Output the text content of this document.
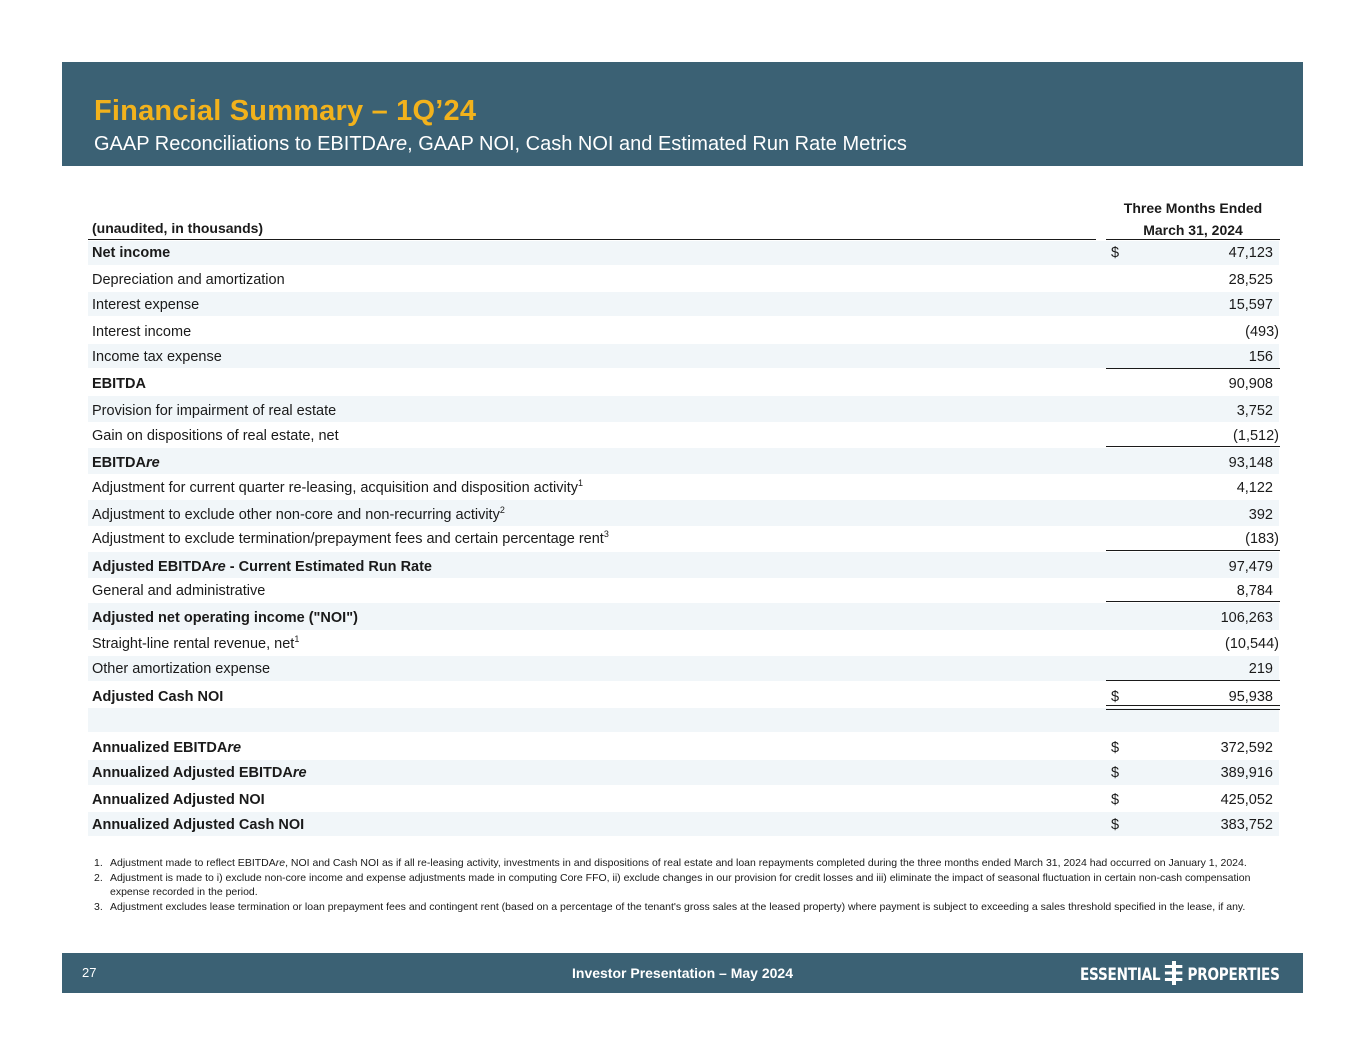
Financial Summary – 1Q’24
GAAP Reconciliations to EBITDAre, GAAP NOI, Cash NOI and Estimated Run Rate Metrics
Three Months Ended
March 31, 2024
(unaudited, in thousands)
Net income	$	47,123
Depreciation and amortization	28,525
Interest expense	15,597
Interest income	(493)
Income tax expense	156
EBITDA	90,908
Provision for impairment of real estate	3,752
Gain on dispositions of real estate, net	(1,512)
EBITDAre	93,148
Adjustment for current quarter re-leasing, acquisition and disposition activity$^1$	4,122
Adjustment to exclude other non-core and non-recurring activity$^2$	392
Adjustment to exclude termination/prepayment fees and certain percentage rent$^3$	(183)
Adjusted EBITDAre - Current Estimated Run Rate	97,479
General and administrative	8,784
Adjusted net operating income ("NOI")	106,263
Straight-line rental revenue, net$^1$	(10,544)
Other amortization expense	219
Adjusted Cash NOI	$	95,938
Annualized EBITDAre	$	372,592
Annualized Adjusted EBITDAre	$	389,916
Annualized Adjusted NOI	$	425,052
Annualized Adjusted Cash NOI	$	383,752
1. Adjustment made to reflect EBITDAre, NOI and Cash NOI as if all re-leasing activity, investments in and dispositions of real estate and loan repayments completed during the three months ended March 31, 2024 had occurred on January 1, 2024.
2. Adjustment is made to i) exclude non-core income and expense adjustments made in computing Core FFO, ii) exclude changes in our provision for credit losses and iii) eliminate the impact of seasonal fluctuation in certain non-cash compensation expense recorded in the period.
3. Adjustment excludes lease termination or loan prepayment fees and contingent rent (based on a percentage of the tenant's gross sales at the leased property) where payment is subject to exceeding a sales threshold specified in the lease, if any.
27	Investor Presentation – May 2024	ESSENTIAL PROPERTIES
